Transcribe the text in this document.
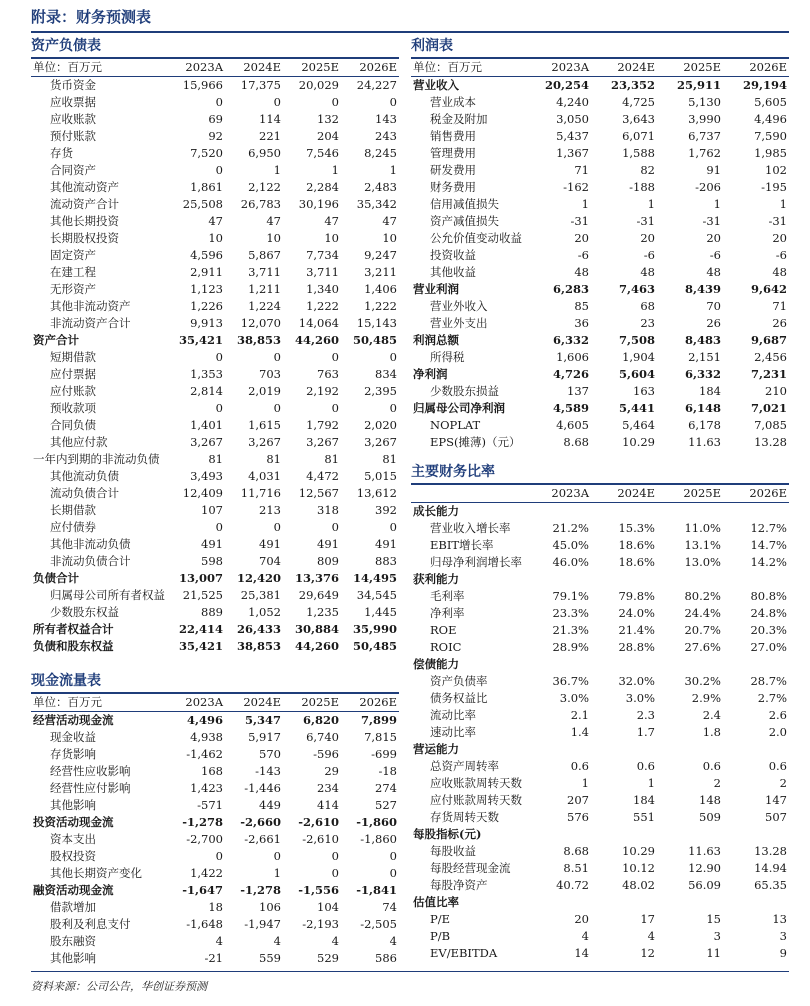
附录：财务预测表
资产负债表
单位：百万元	2023A	2024E	2025E	2026E
货币资金	15,966	17,375	20,029	24,227
应收票据	0	0	0	0
应收账款	69	114	132	143
预付账款	92	221	204	243
存货	7,520	6,950	7,546	8,245
合同资产	0	1	1	1
其他流动资产	1,861	2,122	2,284	2,483
流动资产合计	25,508	26,783	30,196	35,342
其他长期投资	47	47	47	47
长期股权投资	10	10	10	10
固定资产	4,596	5,867	7,734	9,247
在建工程	2,911	3,711	3,711	3,211
无形资产	1,123	1,211	1,340	1,406
其他非流动资产	1,226	1,224	1,222	1,222
非流动资产合计	9,913	12,070	14,064	15,143
资产合计	35,421	38,853	44,260	50,485
短期借款	0	0	0	0
应付票据	1,353	703	763	834
应付账款	2,814	2,019	2,192	2,395
预收款项	0	0	0	0
合同负债	1,401	1,615	1,792	2,020
其他应付款	3,267	3,267	3,267	3,267
一年内到期的非流动负债	81	81	81	81
其他流动负债	3,493	4,031	4,472	5,015
流动负债合计	12,409	11,716	12,567	13,612
长期借款	107	213	318	392
应付债券	0	0	0	0
其他非流动负债	491	491	491	491
非流动负债合计	598	704	809	883
负债合计	13,007	12,420	13,376	14,495
归属母公司所有者权益	21,525	25,381	29,649	34,545
少数股东权益	889	1,052	1,235	1,445
所有者权益合计	22,414	26,433	30,884	35,990
负债和股东权益	35,421	38,853	44,260	50,485
现金流量表
单位：百万元	2023A	2024E	2025E	2026E
经营活动现金流	4,496	5,347	6,820	7,899
现金收益	4,938	5,917	6,740	7,815
存货影响	-1,462	570	-596	-699
经营性应收影响	168	-143	29	-18
经营性应付影响	1,423	-1,446	234	274
其他影响	-571	449	414	527
投资活动现金流	-1,278	-2,660	-2,610	-1,860
资本支出	-2,700	-2,661	-2,610	-1,860
股权投资	0	0	0	0
其他长期资产变化	1,422	1	0	0
融资活动现金流	-1,647	-1,278	-1,556	-1,841
借款增加	18	106	104	74
股利及利息支付	-1,648	-1,947	-2,193	-2,505
股东融资	4	4	4	4
其他影响	-21	559	529	586
利润表
单位：百万元	2023A	2024E	2025E	2026E
营业收入	20,254	23,352	25,911	29,194
营业成本	4,240	4,725	5,130	5,605
税金及附加	3,050	3,643	3,990	4,496
销售费用	5,437	6,071	6,737	7,590
管理费用	1,367	1,588	1,762	1,985
研发费用	71	82	91	102
财务费用	-162	-188	-206	-195
信用减值损失	1	1	1	1
资产减值损失	-31	-31	-31	-31
公允价值变动收益	20	20	20	20
投资收益	-6	-6	-6	-6
其他收益	48	48	48	48
营业利润	6,283	7,463	8,439	9,642
营业外收入	85	68	70	71
营业外支出	36	23	26	26
利润总额	6,332	7,508	8,483	9,687
所得税	1,606	1,904	2,151	2,456
净利润	4,726	5,604	6,332	7,231
少数股东损益	137	163	184	210
归属母公司净利润	4,589	5,441	6,148	7,021
NOPLAT	4,605	5,464	6,178	7,085
EPS(摊薄)（元）	8.68	10.29	11.63	13.28
主要财务比率
	2023A	2024E	2025E	2026E
成长能力				
营业收入增长率	21.2%	15.3%	11.0%	12.7%
EBIT增长率	45.0%	18.6%	13.1%	14.7%
归母净利润增长率	46.0%	18.6%	13.0%	14.2%
获利能力				
毛利率	79.1%	79.8%	80.2%	80.8%
净利率	23.3%	24.0%	24.4%	24.8%
ROE	21.3%	21.4%	20.7%	20.3%
ROIC	28.9%	28.8%	27.6%	27.0%
偿债能力				
资产负债率	36.7%	32.0%	30.2%	28.7%
债务权益比	3.0%	3.0%	2.9%	2.7%
流动比率	2.1	2.3	2.4	2.6
速动比率	1.4	1.7	1.8	2.0
营运能力				
总资产周转率	0.6	0.6	0.6	0.6
应收账款周转天数	1	1	2	2
应付账款周转天数	207	184	148	147
存货周转天数	576	551	509	507
每股指标(元)				
每股收益	8.68	10.29	11.63	13.28
每股经营现金流	8.51	10.12	12.90	14.94
每股净资产	40.72	48.02	56.09	65.35
估值比率				
P/E	20	17	15	13
P/B	4	4	3	3
EV/EBITDA	14	12	11	9
资料来源：公司公告，华创证券预测
